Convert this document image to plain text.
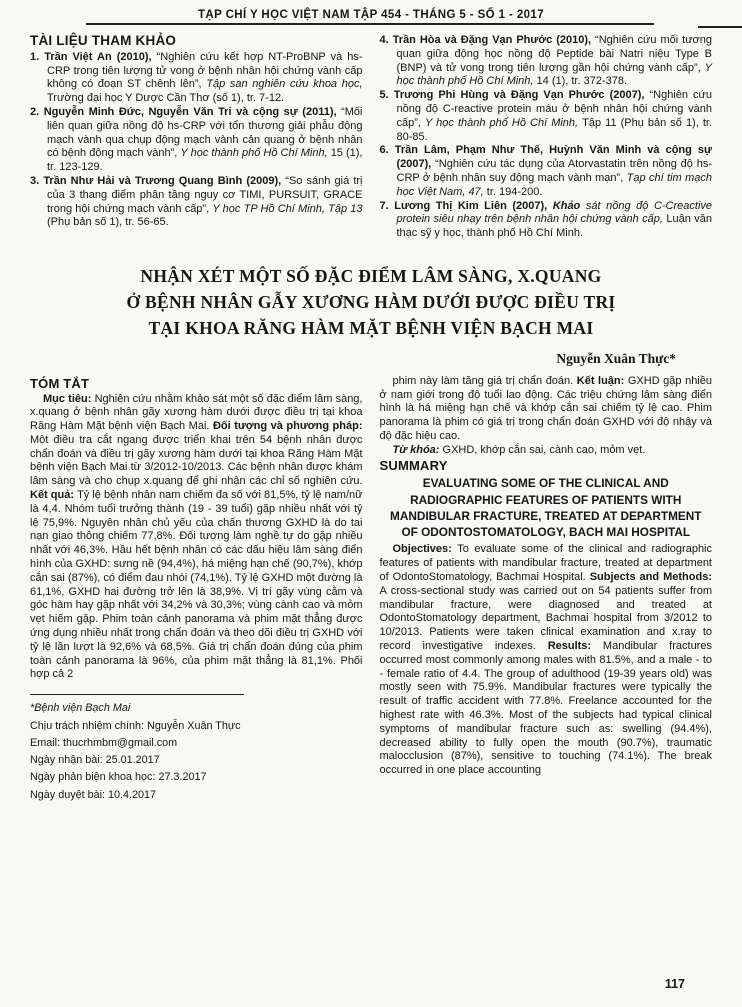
TẠP CHÍ Y HỌC VIỆT NAM TẬP 454 - THÁNG 5 - SỐ 1 - 2017
TÀI LIỆU THAM KHẢO
1. Trần Việt An (2010), “Nghiên cứu kết hợp NT-ProBNP và hs-CRP trong tiên lượng tử vong ở bệnh nhân hội chứng vành cấp không có đoạn ST chênh lên”, Tập san nghiên cứu khoa học, Trường đại học Y Dược Cần Thơ (số 1), tr. 7-12.
2. Nguyễn Minh Đức, Nguyễn Văn Tri và cộng sự (2011), “Mối liên quan giữa nồng độ hs-CRP với tổn thương giải phẫu động mạch vành qua chụp động mạch vành cản quang ở bệnh nhân có bệnh động mạch vành”, Y học thành phố Hồ Chí Minh, 15 (1), tr. 123-129.
3. Trần Như Hải và Trương Quang Bình (2009), “So sánh giá trị của 3 thang điểm phân tầng nguy cơ TIMI, PURSUIT, GRACE trong hội chứng mạch vành cấp”, Y học TP Hồ Chí Minh, Tập 13 (Phụ bản số 1), tr. 56-65.
4. Trần Hòa và Đặng Vạn Phước (2010), “Nghiên cứu mối tương quan giữa động học nồng độ Peptide bài Natri niệu Type B (BNP) và tử vong trong tiên lượng gần hội chứng vành cấp”, Y học thành phố Hồ Chí Minh, 14 (1), tr. 372-378.
5. Trương Phi Hùng và Đặng Vạn Phước (2007), “Nghiên cứu nồng độ C-reactive protein máu ở bệnh nhân hội chứng vành cấp”, Y học thành phố Hồ Chí Minh, Tập 11 (Phụ bản số 1), tr. 80-85.
6. Trần Lâm, Phạm Như Thế, Huỳnh Văn Minh và cộng sự (2007), “Nghiên cứu tác dụng của Atorvastatin trên nồng độ hs-CRP ở bệnh nhân suy động mạch vành mạn”, Tạp chí tim mạch học Việt Nam, 47, tr. 194-200.
7. Lương Thị Kim Liên (2007), Khảo sát nồng độ C-Creactive protein siêu nhạy trên bệnh nhân hội chứng vành cấp, Luận văn thạc sỹ y học, thành phố Hồ Chí Minh.
NHẬN XÉT MỘT SỐ ĐẶC ĐIỂM LÂM SÀNG, X.QUANG
Ở BỆNH NHÂN GẪY XƯƠNG HÀM DƯỚI ĐƯỢC ĐIỀU TRỊ
TẠI KHOA RĂNG HÀM MẶT BỆNH VIỆN BẠCH MAI
Nguyễn Xuân Thực*
TÓM TẮT

Mục tiêu: Nghiên cứu nhằm khảo sát một số đặc điểm lâm sàng, x.quang ở bệnh nhân gãy xương hàm dưới được điều trị tại khoa Răng Hàm Mặt bệnh viện Bạch Mai. Đối tượng và phương pháp: Một điều tra cắt ngang được triển khai trên 54 bệnh nhân được chẩn đoán và điều trị gãy xương hàm dưới tại khoa Răng Hàm Mặt bệnh viện Bạch Mai từ 3/2012-10/2013. Các bệnh nhân được khám lâm sàng và cho chụp x.quang để ghi nhận các chỉ số nghiên cứu. Kết quả: Tỷ lệ bệnh nhân nam chiếm đa số với 81,5%, tỷ lệ nam/nữ là 4,4. Nhóm tuổi trưởng thành (19 - 39 tuổi) gặp nhiều nhất với tỷ lệ 75,9%. Nguyên nhân chủ yếu của chấn thương GXHD là do tai nạn giao thông chiếm 77,8%. Đối tượng làm nghề tự do gặp nhiều nhất với 46,3%. Hầu hết bệnh nhân có các dấu hiệu lâm sàng điển hình của GXHD: sưng nề (94,4%), há miệng hạn chế (90,7%), khớp cắn sai (87%), có điểm đau nhói (74,1%). Tỷ lệ GXHD một đường là 61,1%, GXHD hai đường trở lên là 38,9%. Vị trí gãy vùng cằm và góc hàm hay gặp nhất với 34,2% và 30,3%; vùng cành cao và mỏm vẹt hiếm gặp. Phim toàn cảnh panorama và phim mặt thẳng được ứng dụng nhiều nhất trong chẩn đoán và theo dõi điều trị GXHD với tỷ lệ lần lượt là 92,6% và 68,5%. Giá trị chẩn đoán đúng của phim toàn cảnh panorama là 96%, của phim mặt thẳng là 81,1%. Phối hợp cả 2

*Bệnh viện Bạch Mai
Chịu trách nhiệm chính: Nguyễn Xuân Thực
Email: thucrhmbm@gmail.com
Ngày nhận bài: 25.01.2017
Ngày phản biện khoa học: 27.3.2017
Ngày duyệt bài: 10.4.2017

phim này làm tăng giá trị chẩn đoán. Kết luận: GXHD gặp nhiều ở nam giới trong độ tuổi lao động. Các triệu chứng lâm sàng điển hình là há miệng hạn chế và khớp cắn sai chiếm tỷ lệ cao. Phim panorama là phim có giá trị trong chẩn đoán GXHD với độ nhậy và độ đặc hiệu cao.

Từ khóa: GXHD, khớp cắn sai, cành cao, mỏm vẹt.

SUMMARY
EVALUATING SOME OF THE CLINICAL AND RADIOGRAPHIC FEATURES OF PATIENTS WITH MANDIBULAR FRACTURE, TREATED AT DEPARTMENT OF ODONTOSTOMATOLOGY, BACH MAI HOSPITAL

Objectives: To evaluate some of the clinical and radiographic features of patients with mandibular fracture, treated at department of OdontoStomatology, Bachmai Hospital. Subjects and Methods: A cross-sectional study was carried out on 54 patients suffer from mandibular fracture, were diagnosed and treated at OdontoStomatology department, Bachmai hospital from 3/2012 to 10/2013. Patients were taken clinical examination and x.ray to record investigative indexes. Results: Mandibular fractures occurred most commonly among males with 81.5%, and a male - to - female ratio of 4.4. The group of adulthood (19-39 years old) was mostly seen with 75.9%. Mandibular fractures were typically the result of traffic accident with 77.8%. Freelance accounted for the highest rate with 46.3%. Most of the subjects had typical clinical symptoms of mandibular fracture such as: swelling (94.4%), decreased ability to fully open the mouth (90.7%), traumatic malocclusion (87%), sensitive to touching (74.1%). The break occurred in one place accounting

117
